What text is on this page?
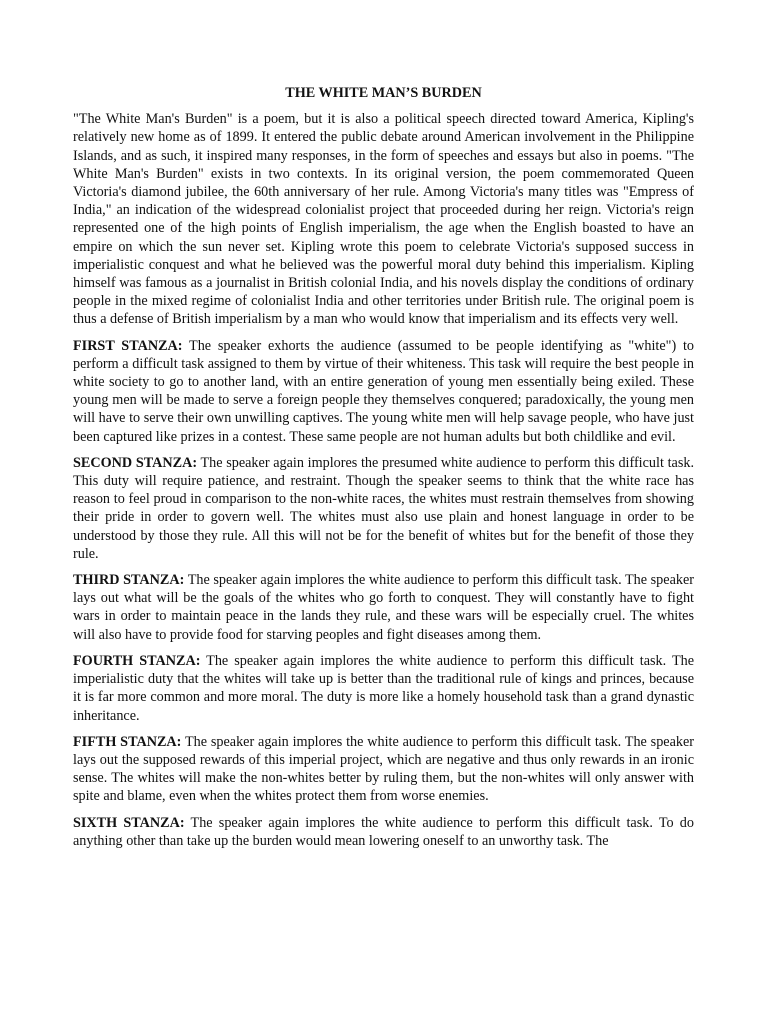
THE WHITE MAN’S BURDEN

"The White Man's Burden" is a poem, but it is also a political speech directed toward America, Kipling's relatively new home as of 1899. It entered the public debate around American involvement in the Philippine Islands, and as such, it inspired many responses, in the form of speeches and essays but also in poems. "The White Man's Burden" exists in two contexts. In its original version, the poem commemorated Queen Victoria's diamond jubilee, the 60th anniversary of her rule. Among Victoria's many titles was "Empress of India," an indication of the widespread colonialist project that proceeded during her reign. Victoria's reign represented one of the high points of English imperialism, the age when the English boasted to have an empire on which the sun never set. Kipling wrote this poem to celebrate Victoria's supposed success in imperialistic conquest and what he believed was the powerful moral duty behind this imperialism. Kipling himself was famous as a journalist in British colonial India, and his novels display the conditions of ordinary people in the mixed regime of colonialist India and other territories under British rule. The original poem is thus a defense of British imperialism by a man who would know that imperialism and its effects very well.

FIRST STANZA: The speaker exhorts the audience (assumed to be people identifying as "white") to perform a difficult task assigned to them by virtue of their whiteness. This task will require the best people in white society to go to another land, with an entire generation of young men essentially being exiled. These young men will be made to serve a foreign people they themselves conquered; paradoxically, the young men will have to serve their own unwilling captives. The young white men will help savage people, who have just been captured like prizes in a contest. These same people are not human adults but both childlike and evil.

SECOND STANZA: The speaker again implores the presumed white audience to perform this difficult task. This duty will require patience, and restraint. Though the speaker seems to think that the white race has reason to feel proud in comparison to the non-white races, the whites must restrain themselves from showing their pride in order to govern well. The whites must also use plain and honest language in order to be understood by those they rule. All this will not be for the benefit of whites but for the benefit of those they rule.

THIRD STANZA: The speaker again implores the white audience to perform this difficult task. The speaker lays out what will be the goals of the whites who go forth to conquest. They will constantly have to fight wars in order to maintain peace in the lands they rule, and these wars will be especially cruel. The whites will also have to provide food for starving peoples and fight diseases among them.

FOURTH STANZA: The speaker again implores the white audience to perform this difficult task. The imperialistic duty that the whites will take up is better than the traditional rule of kings and princes, because it is far more common and more moral. The duty is more like a homely household task than a grand dynastic inheritance.

FIFTH STANZA: The speaker again implores the white audience to perform this difficult task. The speaker lays out the supposed rewards of this imperial project, which are negative and thus only rewards in an ironic sense. The whites will make the non-whites better by ruling them, but the non-whites will only answer with spite and blame, even when the whites protect them from worse enemies.

SIXTH STANZA: The speaker again implores the white audience to perform this difficult task. To do anything other than take up the burden would mean lowering oneself to an unworthy task. The
